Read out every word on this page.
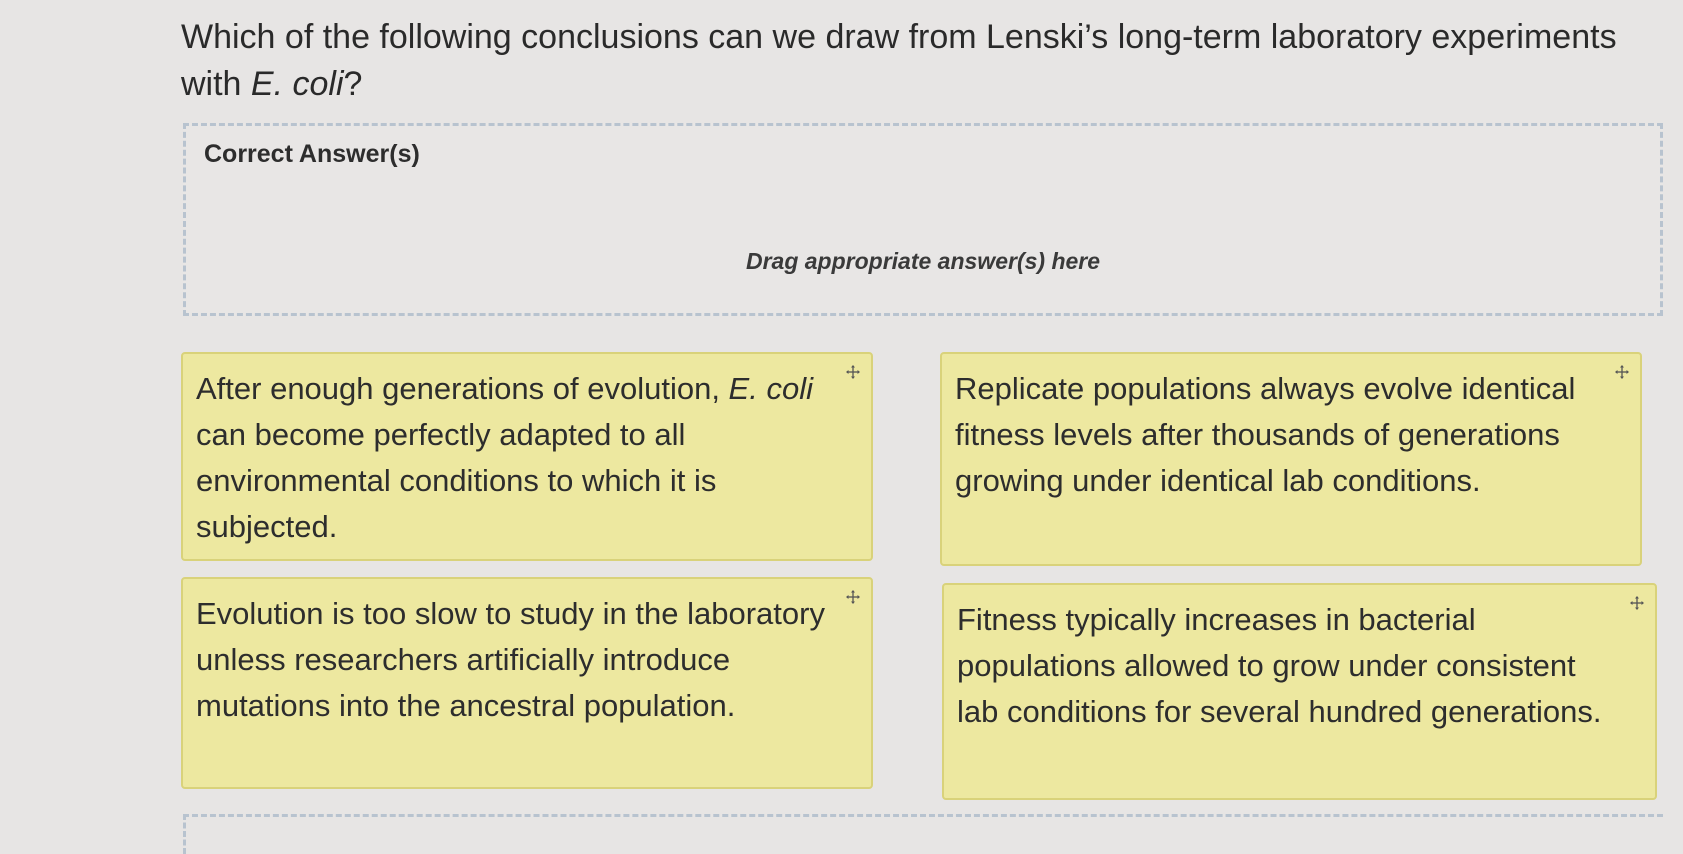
Which of the following conclusions can we draw from Lenski’s long-term laboratory experiments with E. coli?
Correct Answer(s)
Drag appropriate answer(s) here
After enough generations of evolution, E. coli can become perfectly adapted to all environmental conditions to which it is subjected.
Replicate populations always evolve identical fitness levels after thousands of generations growing under identical lab conditions.
Evolution is too slow to study in the laboratory unless researchers artificially introduce mutations into the ancestral population.
Fitness typically increases in bacterial populations allowed to grow under consistent lab conditions for several hundred generations.
